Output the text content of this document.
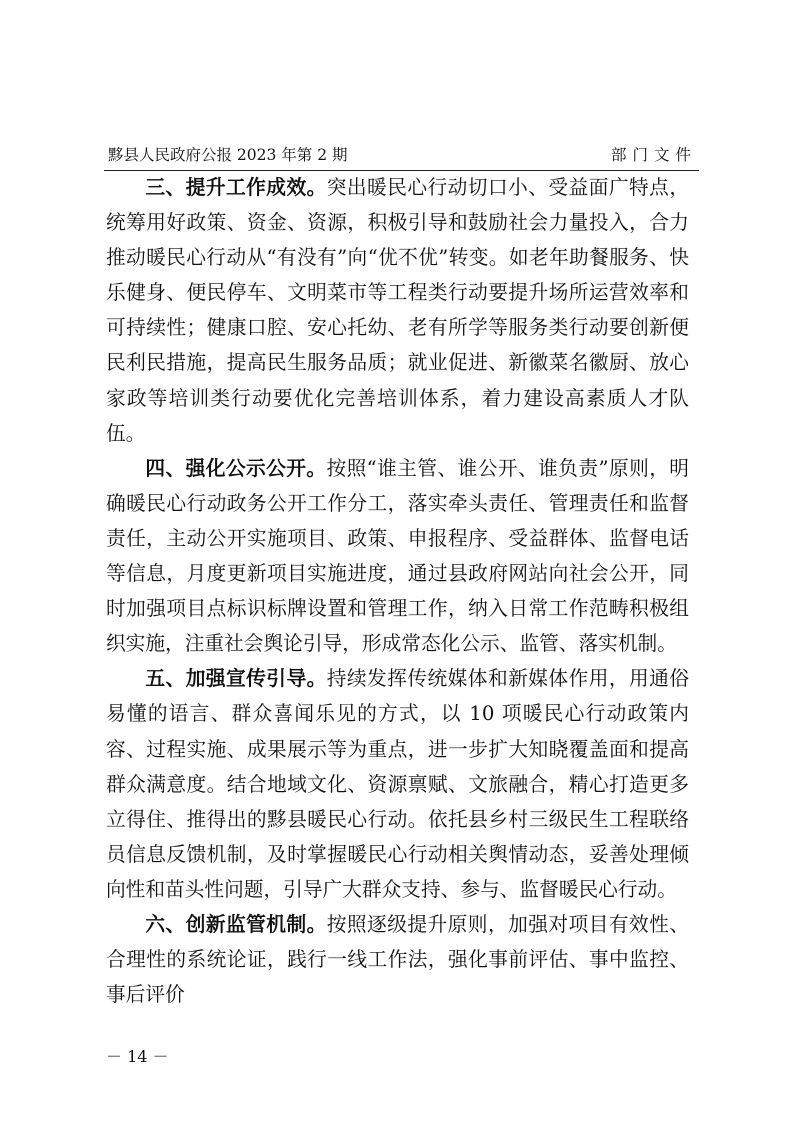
黟县人民政府公报 2023 年第 2 期	部门文件

三、提升工作成效。突出暖民心行动切口小、受益面广特点，统筹用好政策、资金、资源，积极引导和鼓励社会力量投入，合力推动暖民心行动从“有没有”向“优不优”转变。如老年助餐服务、快乐健身、便民停车、文明菜市等工程类行动要提升场所运营效率和可持续性；健康口腔、安心托幼、老有所学等服务类行动要创新便民利民措施，提高民生服务品质；就业促进、新徽菜名徽厨、放心家政等培训类行动要优化完善培训体系，着力建设高素质人才队伍。

四、强化公示公开。按照“谁主管、谁公开、谁负责”原则，明确暖民心行动政务公开工作分工，落实牵头责任、管理责任和监督责任，主动公开实施项目、政策、申报程序、受益群体、监督电话等信息，月度更新项目实施进度，通过县政府网站向社会公开，同时加强项目点标识标牌设置和管理工作，纳入日常工作范畴积极组织实施，注重社会舆论引导，形成常态化公示、监管、落实机制。

五、加强宣传引导。持续发挥传统媒体和新媒体作用，用通俗易懂的语言、群众喜闻乐见的方式，以 10 项暖民心行动政策内容、过程实施、成果展示等为重点，进一步扩大知晓覆盖面和提高群众满意度。结合地域文化、资源禀赋、文旅融合，精心打造更多立得住、推得出的黟县暖民心行动。依托县乡村三级民生工程联络员信息反馈机制，及时掌握暖民心行动相关舆情动态，妥善处理倾向性和苗头性问题，引导广大群众支持、参与、监督暖民心行动。

六、创新监管机制。按照逐级提升原则，加强对项目有效性、合理性的系统论证，践行一线工作法，强化事前评估、事中监控、事后评价

－ 14 －
